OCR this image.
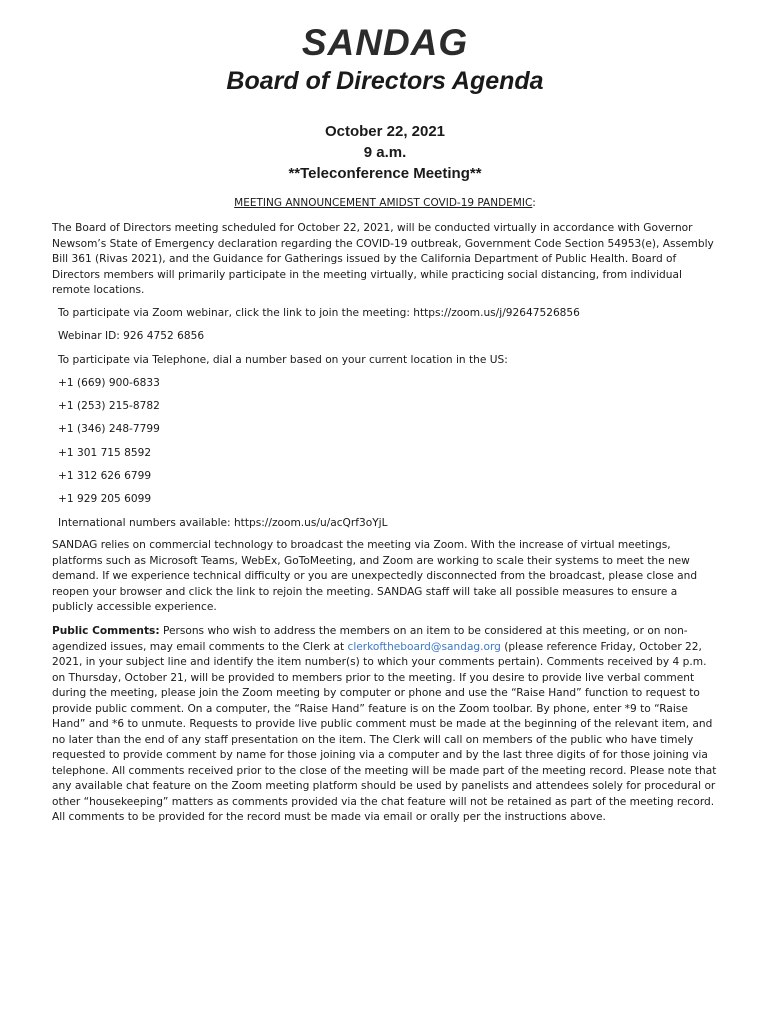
SANDAG
Board of Directors Agenda
October 22, 2021
9 a.m.
**Teleconference Meeting**
MEETING ANNOUNCEMENT AMIDST COVID-19 PANDEMIC:
The Board of Directors meeting scheduled for October 22, 2021, will be conducted virtually in accordance with Governor Newsom’s State of Emergency declaration regarding the COVID-19 outbreak, Government Code Section 54953(e), Assembly Bill 361 (Rivas 2021), and the Guidance for Gatherings issued by the California Department of Public Health. Board of Directors members will primarily participate in the meeting virtually, while practicing social distancing, from individual remote locations.
To participate via Zoom webinar, click the link to join the meeting: https://zoom.us/j/92647526856
Webinar ID: 926 4752 6856
To participate via Telephone, dial a number based on your current location in the US:
+1 (669) 900-6833
+1 (253) 215-8782
+1 (346) 248-7799
+1 301 715 8592
+1 312 626 6799
+1 929 205 6099
International numbers available: https://zoom.us/u/acQrf3oYjL
SANDAG relies on commercial technology to broadcast the meeting via Zoom. With the increase of virtual meetings, platforms such as Microsoft Teams, WebEx, GoToMeeting, and Zoom are working to scale their systems to meet the new demand. If we experience technical difficulty or you are unexpectedly disconnected from the broadcast, please close and reopen your browser and click the link to rejoin the meeting. SANDAG staff will take all possible measures to ensure a publicly accessible experience.
Public Comments: Persons who wish to address the members on an item to be considered at this meeting, or on non-agendized issues, may email comments to the Clerk at clerkoftheboard@sandag.org (please reference Friday, October 22, 2021, in your subject line and identify the item number(s) to which your comments pertain). Comments received by 4 p.m. on Thursday, October 21, will be provided to members prior to the meeting. If you desire to provide live verbal comment during the meeting, please join the Zoom meeting by computer or phone and use the “Raise Hand” function to request to provide public comment. On a computer, the “Raise Hand” feature is on the Zoom toolbar. By phone, enter *9 to “Raise Hand” and *6 to unmute. Requests to provide live public comment must be made at the beginning of the relevant item, and no later than the end of any staff presentation on the item. The Clerk will call on members of the public who have timely requested to provide comment by name for those joining via a computer and by the last three digits of for those joining via telephone. All comments received prior to the close of the meeting will be made part of the meeting record. Please note that any available chat feature on the Zoom meeting platform should be used by panelists and attendees solely for procedural or other “housekeeping” matters as comments provided via the chat feature will not be retained as part of the meeting record. All comments to be provided for the record must be made via email or orally per the instructions above.
